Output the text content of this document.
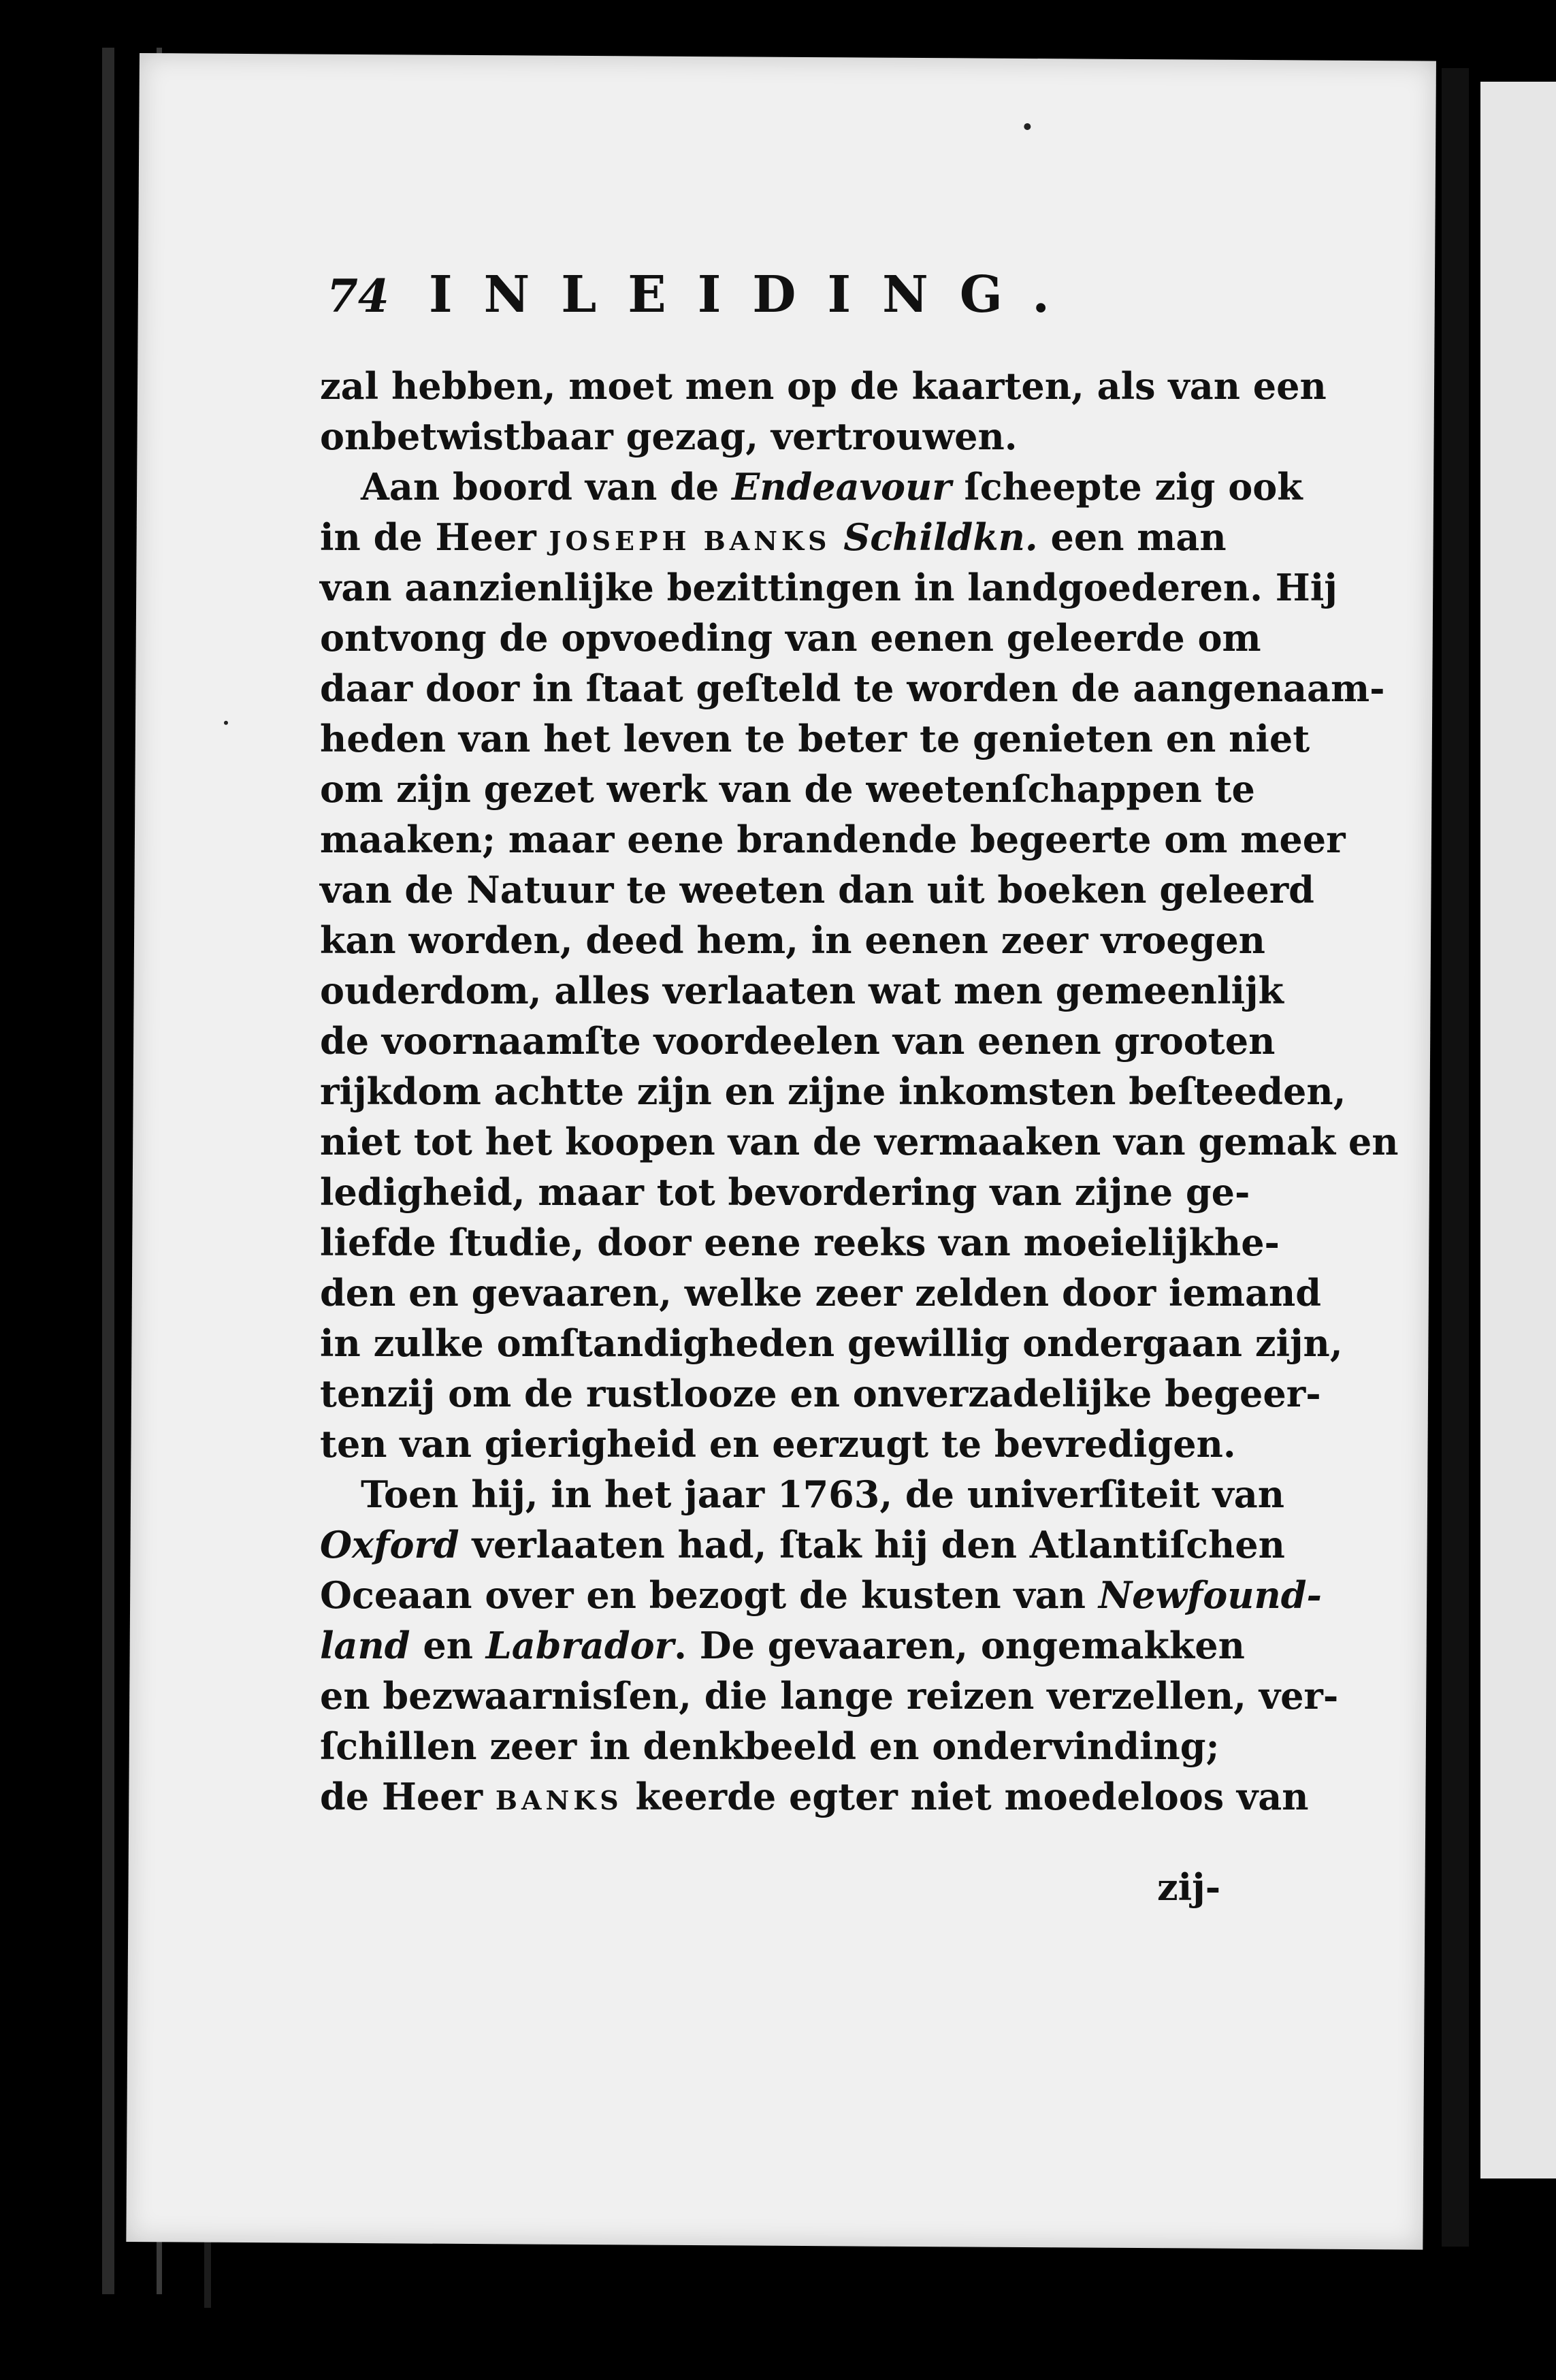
74 INLEIDING.
zal hebben, moet men op de kaarten, als van een
onbetwistbaar gezag, vertrouwen.
Aan boord van de Endeavour ſcheepte zig ook
in de Heer JOSEPH BANKS Schildkn. een man
van aanzienlijke bezittingen in landgoederen. Hij
ontvong de opvoeding van eenen geleerde om
daar door in ſtaat geſteld te worden de aangenaam-
heden van het leven te beter te genieten en niet
om zijn gezet werk van de weetenſchappen te
maaken; maar eene brandende begeerte om meer
van de Natuur te weeten dan uit boeken geleerd
kan worden, deed hem, in eenen zeer vroegen
ouderdom, alles verlaaten wat men gemeenlijk
de voornaamſte voordeelen van eenen grooten
rijkdom achtte zijn en zijne inkomsten beſteeden,
niet tot het koopen van de vermaaken van gemak en
ledigheid, maar tot bevordering van zijne ge-
liefde ſtudie, door eene reeks van moeielijkhe-
den en gevaaren, welke zeer zelden door iemand
in zulke omſtandigheden gewillig ondergaan zijn,
tenzij om de rustlooze en onverzadelijke begeer-
ten van gierigheid en eerzugt te bevredigen.
Toen hij, in het jaar 1763, de univerſiteit van
Oxford verlaaten had, ſtak hij den Atlantiſchen
Oceaan over en bezogt de kusten van Newfound-
land en Labrador. De gevaaren, ongemakken
en bezwaarnisſen, die lange reizen verzellen, ver-
ſchillen zeer in denkbeeld en ondervinding;
de Heer BANKS keerde egter niet moedeloos van
zij-
